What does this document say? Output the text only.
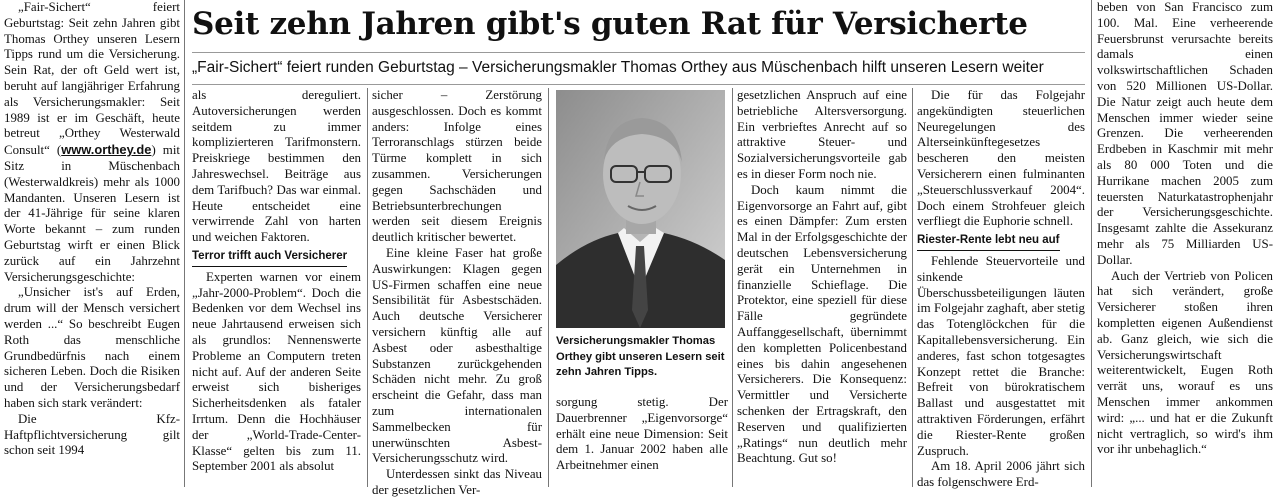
„Fair-Sichert“ feiert Geburtstag: Seit zehn Jahren gibt Thomas Orthey unseren Lesern Tipps rund um die Versicherung. Sein Rat, der oft Geld wert ist, beruht auf langjähriger Erfahrung als Versicherungsmakler: Seit 1989 ist er im Geschäft, heute betreut „Orthey Westerwald Consult“ (www.orthey.de) mit Sitz in Müschenbach (Westerwaldkreis) mehr als 1000 Mandanten. Unseren Lesern ist der 41-Jährige für seine klaren Worte bekannt – zum runden Geburtstag wirft er einen Blick zurück auf ein Jahrzehnt Versicherungsgeschichte:

„Unsicher ist's auf Erden, drum will der Mensch versichert werden ...“ So beschreibt Eugen Roth das menschliche Grundbedürfnis nach einem sicheren Leben. Doch die Risiken und der Versicherungsbedarf haben sich stark verändert:

Die Kfz-Haftpflichtversicherung gilt schon seit 1994

Seit zehn Jahren gibt's guten Rat für Versicherte

„Fair-Sichert“ feiert runden Geburtstag – Versicherungsmakler Thomas Orthey aus Müschenbach hilft unseren Lesern weiter

als dereguliert. Autoversicherungen werden seitdem zu immer komplizierteren Tarifmonstern. Preiskriege bestimmen den Jahreswechsel. Beiträge aus dem Tarifbuch? Das war einmal. Heute entscheidet eine verwirrende Zahl von harten und weichen Faktoren.

Terror trifft auch Versicherer

Experten warnen vor einem „Jahr-2000-Problem“. Doch die Bedenken vor dem Wechsel ins neue Jahrtausend erweisen sich als grundlos: Nennenswerte Probleme an Computern treten nicht auf. Auf der anderen Seite erweist sich bisheriges Sicherheitsdenken als fataler Irrtum. Denn die Hochhäuser der „World-Trade-Center-Klasse“ gelten bis zum 11. September 2001 als absolut

sicher – Zerstörung ausgeschlossen. Doch es kommt anders: Infolge eines Terroranschlags stürzen beide Türme komplett in sich zusammen. Versicherungen gegen Sachschäden und Betriebsunterbrechungen werden seit diesem Ereignis deutlich kritischer bewertet.

Eine kleine Faser hat große Auswirkungen: Klagen gegen US-Firmen schaffen eine neue Sensibilität für Asbestschäden. Auch deutsche Versicherer versichern künftig alle auf Asbest oder asbesthaltige Substanzen zurückgehenden Schäden nicht mehr. Zu groß erscheint die Gefahr, dass man zum internationalen Sammelbecken für unerwünschten Asbest-Versicherungsschutz wird.

Unterdessen sinkt das Niveau der gesetzlichen Ver-

Versicherungsmakler Thomas Orthey gibt unseren Lesern seit zehn Jahren Tipps.

sorgung stetig. Der Dauerbrenner „Eigenvorsorge“ erhält eine neue Dimension: Seit dem 1. Januar 2002 haben alle Arbeitnehmer einen

gesetzlichen Anspruch auf eine betriebliche Altersversorgung. Ein verbrieftes Anrecht auf so attraktive Steuer- und Sozialversicherungsvorteile gab es in dieser Form noch nie.

Doch kaum nimmt die Eigenvorsorge an Fahrt auf, gibt es einen Dämpfer: Zum ersten Mal in der Erfolgsgeschichte der deutschen Lebensversicherung gerät ein Unternehmen in finanzielle Schieflage. Die Protektor, eine speziell für diese Fälle gegründete Auffanggesellschaft, übernimmt den kompletten Policenbestand eines bis dahin angesehenen Versicherers. Die Konsequenz: Vermittler und Versicherte schenken der Ertragskraft, den Reserven und qualifizierten „Ratings“ nun deutlich mehr Beachtung. Gut so!

Die für das Folgejahr angekündigten steuerlichen Neuregelungen des Alterseinkünftegesetzes bescheren den meisten Versicherern einen fulminanten „Steuerschlussverkauf 2004“. Doch einem Strohfeuer gleich verfliegt die Euphorie schnell.

Riester-Rente lebt neu auf

Fehlende Steuervorteile und sinkende Überschussbeteiligungen läuten im Folgejahr zaghaft, aber stetig das Totenglöckchen für die Kapitallebensversicherung. Ein anderes, fast schon totgesagtes Konzept rettet die Branche: Befreit von bürokratischem Ballast und ausgestattet mit attraktiven Förderungen, erfährt die Riester-Rente großen Zuspruch.

Am 18. April 2006 jährt sich das folgenschwere Erd-

beben von San Francisco zum 100. Mal. Eine verheerende Feuersbrunst verursachte bereits damals einen volkswirtschaftlichen Schaden von 520 Millionen US-Dollar. Die Natur zeigt auch heute dem Menschen immer wieder seine Grenzen. Die verheerenden Erdbeben in Kaschmir mit mehr als 80 000 Toten und die Hurrikane machen 2005 zum teuersten Naturkatastrophenjahr der Versicherungsgeschichte. Insgesamt zahlte die Assekuranz mehr als 75 Milliarden US-Dollar.

Auch der Vertrieb von Policen hat sich verändert, große Versicherer stoßen ihren kompletten eigenen Außendienst ab. Ganz gleich, wie sich die Versicherungswirtschaft weiterentwickelt, Eugen Roth verrät uns, worauf es uns Menschen immer ankommen wird: „... und hat er die Zukunft nicht vertraglich, so wird's ihm vor ihr unbehaglich.“
